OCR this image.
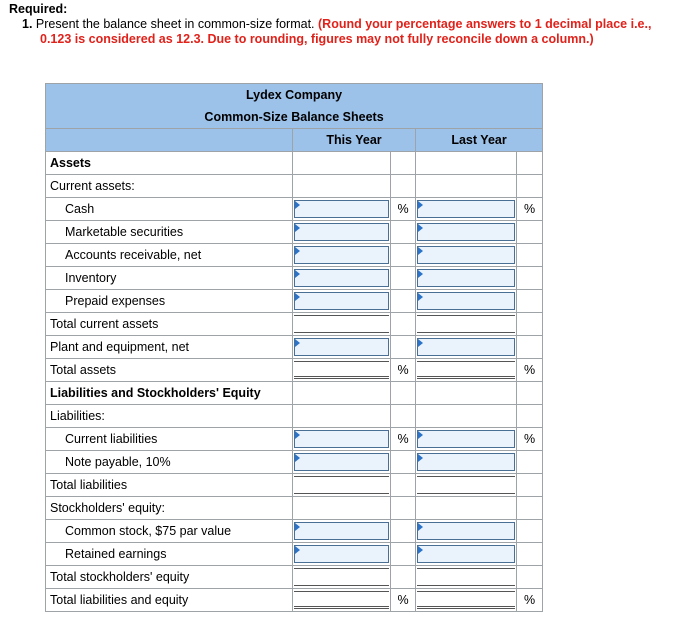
Required:
1. Present the balance sheet in common-size format. (Round your percentage answers to 1 decimal place i.e., 0.123 is considered as 12.3. Due to rounding, figures may not fully reconcile down a column.)
Lydex Company				
Common-Size Balance Sheets				
	This Year		Last Year	
Assets				
Current assets:				
Cash		%		%
Marketable securities	

Accounts receivable, net	

Inventory	

Prepaid expenses	

Total current assets	

Plant and equipment, net	

Total assets		%		%
Liabilities and Stockholders' Equity				
Liabilities:				
Current liabilities		%		%
Note payable, 10%	

Total liabilities	

Stockholders' equity:				
Common stock, $75 par value	

Retained earnings	

Total stockholders' equity	

Total liabilities and equity		%		%
